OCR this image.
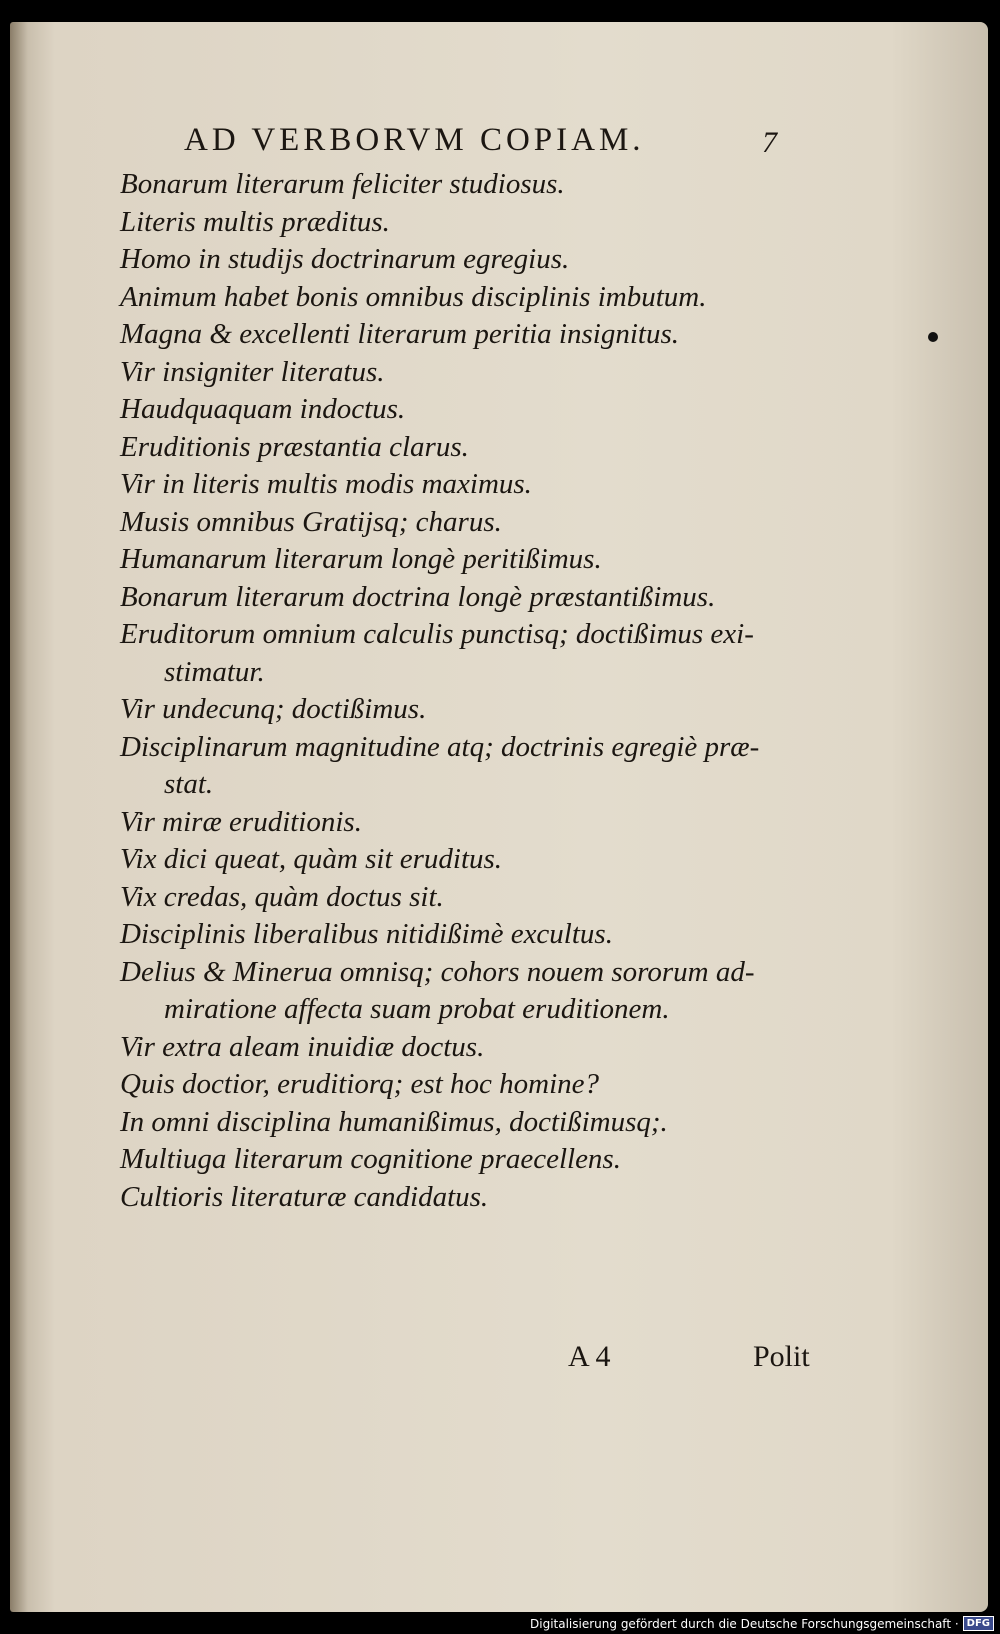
AD VERBORVM COPIAM.	7
Bonarum literarum feliciter studiosus.
Literis multis præditus.
Homo in studijs doctrinarum egregius.
Animum habet bonis omnibus disciplinis imbutum.
Magna & excellenti literarum peritia insignitus.
Vir insigniter literatus.
Haudquaquam indoctus.
Eruditionis præstantia clarus.
Vir in literis multis modis maximus.
Musis omnibus Gratijsq; charus.
Humanarum literarum longè peritißimus.
Bonarum literarum doctrina longè præstantißimus.
Eruditorum omnium calculis punctisq; doctißimus exi-
stimatur.
Vir undecunq; doctißimus.
Disciplinarum magnitudine atq; doctrinis egregiè præ-
stat.
Vir miræ eruditionis.
Vix dici queat, quàm sit eruditus.
Vix credas, quàm doctus sit.
Disciplinis liberalibus nitidißimè excultus.
Delius & Minerua omnisq; cohors nouem sororum ad-
miratione affecta suam probat eruditionem.
Vir extra aleam inuidiæ doctus.
Quis doctior, eruditiorq; est hoc homine?
In omni disciplina humanißimus, doctißimusq;.
Multiuga literarum cognitione praecellens.
Cultioris literaturæ candidatus.
A 4	Polit
Digitalisierung gefördert durch die Deutsche Forschungsgemeinschaft · DFG
